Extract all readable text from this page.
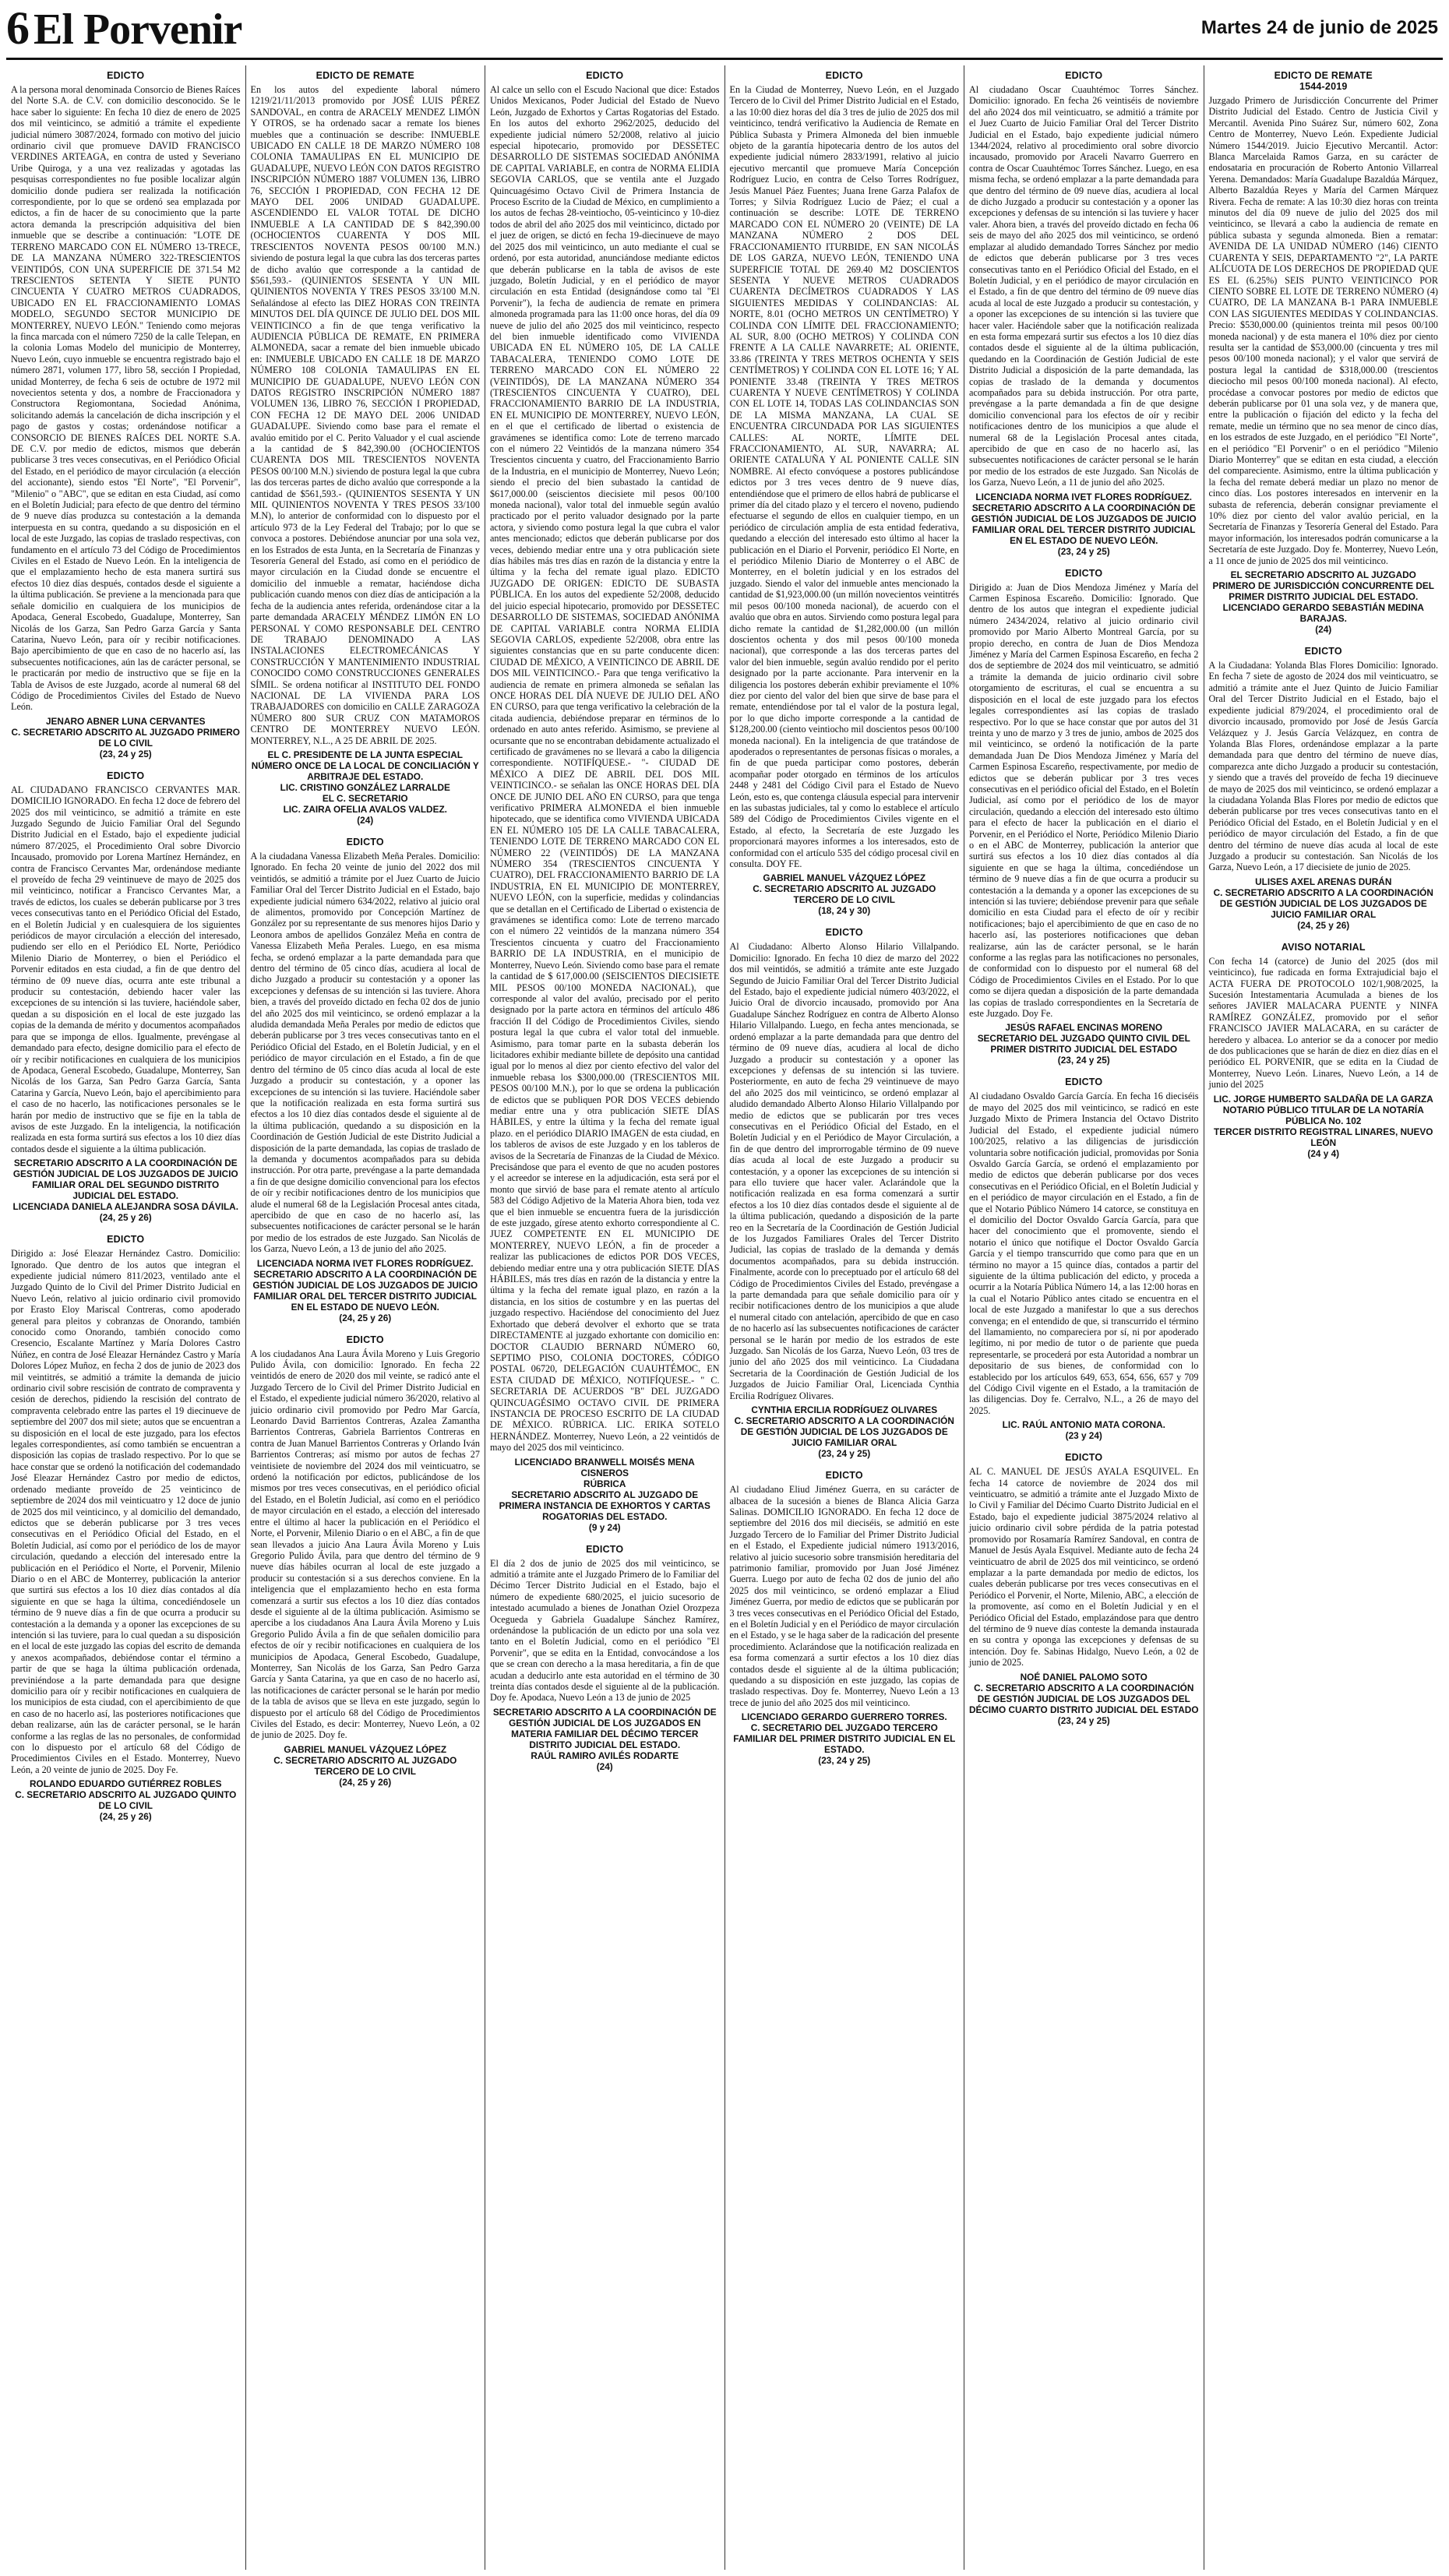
6 El Porvenir	Martes 24 de junio de 2025
EDICTO

A la persona moral denominada Consorcio de Bienes Raíces del Norte S.A. de C.V. con domicilio desconocido. Se le hace saber lo siguiente: En fecha 10 diez de enero de 2025 dos mil veinticinco, se admitió a trámite el expediente judicial número 3087/2024, formado con motivo del juicio ordinario civil que promueve DAVID FRANCISCO VERDINES ARTEAGA, en contra de usted y Severiano Uribe Quiroga, y a una vez realizadas y agotadas las pesquisas correspondientes no fue posible localizar algún domicilio donde pudiera ser realizada la notificación correspondiente, por lo que se ordenó sea emplazada por edictos, a fin de hacer de su conocimiento que la parte actora demanda la prescripción adquisitiva del bien inmueble que se describe a continuación: "LOTE DE TERRENO MARCADO CON EL NÚMERO 13-TRECE, DE LA MANZANA NÚMERO 322-TRESCIENTOS VEINTIDÓS, CON UNA SUPERFICIE DE 371.54 M2 TRESCIENTOS SETENTA Y SIETE PUNTO CINCUENTA Y CUATRO METROS CUADRADOS, UBICADO EN EL FRACCIONAMIENTO LOMAS MODELO, SEGUNDO SECTOR MUNICIPIO DE MONTERREY, NUEVO LEÓN." Teniendo como mejoras la finca marcada con el número 7250 de la calle Telepan, en la colonia Lomas Modelo del municipio de Monterrey, Nuevo León, cuyo inmueble se encuentra registrado bajo el número 2871, volumen 177, libro 58, sección I Propiedad, unidad Monterrey, de fecha 6 seis de octubre de 1972 mil novecientos setenta y dos, a nombre de Fraccionadora y Constructora Regiomontana, Sociedad Anónima, solicitando además la cancelación de dicha inscripción y el pago de gastos y costas; ordenándose notificar a CONSORCIO DE BIENES RAÍCES DEL NORTE S.A. DE C.V. por medio de edictos, mismos que deberán publicarse 3 tres veces consecutivas, en el Periódico Oficial del Estado, en el periódico de mayor circulación (a elección del accionante), siendo estos "El Norte", "El Porvenir", "Milenio" o "ABC", que se editan en esta Ciudad, así como en el Boletín Judicial; para efecto de que dentro del término de 9 nueve días produzca su contestación a la demanda interpuesta en su contra, quedando a su disposición en el local de este Juzgado, las copias de traslado respectivas, con fundamento en el artículo 73 del Código de Procedimientos Civiles en el Estado de Nuevo León. En la inteligencia de que el emplazamiento hecho de esta manera surtirá sus efectos 10 diez días después, contados desde el siguiente a la última publicación. Se previene a la mencionada para que señale domicilio en cualquiera de los municipios de Apodaca, General Escobedo, Guadalupe, Monterrey, San Nicolás de los Garza, San Pedro Garza García y Santa Catarina, Nuevo León, para oír y recibir notificaciones. Bajo apercibimiento de que en caso de no hacerlo así, las subsecuentes notificaciones, aún las de carácter personal, se le practicarán por medio de instructivo que se fije en la Tabla de Avisos de este Juzgado, acorde al numeral 68 del Código de Procedimientos Civiles del Estado de Nuevo León.

JENARO ABNER LUNA CERVANTES
C. SECRETARIO ADSCRITO AL JUZGADO PRIMERO DE LO CIVIL
(23, 24 y 25)
EDICTO

AL CIUDADANO FRANCISCO CERVANTES MAR. DOMICILIO IGNORADO. En fecha 12 doce de febrero del 2025 dos mil veinticinco, se admitió a trámite en este Juzgado Segundo de Juicio Familiar Oral del Segundo Distrito Judicial en el Estado, bajo el expediente judicial número 87/2025, el Procedimiento Oral sobre Divorcio Incausado, promovido por Lorena Martínez Hernández, en contra de Francisco Cervantes Mar, ordenándose mediante el proveído de fecha 29 veintinueve de mayo de 2025 dos mil veinticinco, notificar a Francisco Cervantes Mar, a través de edictos, los cuales se deberán publicarse por 3 tres veces consecutivas tanto en el Periódico Oficial del Estado, en el Boletín Judicial y en cualesquiera de los siguientes periódicos de mayor circulación a elección del interesado, pudiendo ser ello en el Periódico EL Norte, Periódico Milenio Diario de Monterrey, o bien el Periódico el Porvenir editados en esta ciudad, a fin de que dentro del término de 09 nueve días, ocurra ante este tribunal a producir su contestación, debiendo hacer valer las excepciones de su intención si las tuviere, haciéndole saber, quedan a su disposición en el local de este juzgado las copias de la demanda de mérito y documentos acompañados para que se imponga de ellos. Igualmente, prevéngase al demandado para efecto, designe domicilio para el efecto de oír y recibir notificaciones en cualquiera de los municipios de Apodaca, General Escobedo, Guadalupe, Monterrey, San Nicolás de los Garza, San Pedro Garza García, Santa Catarina y García, Nuevo León, bajo el apercibimiento para el caso de no hacerlo, las notificaciones personales se le harán por medio de instructivo que se fije en la tabla de avisos de este Juzgado. En la inteligencia, la notificación realizada en esta forma surtirá sus efectos a los 10 diez días contados desde el siguiente a la última publicación.

SECRETARIO ADSCRITO A LA COORDINACIÓN DE GESTIÓN JUDICIAL DE LOS JUZGADOS DE JUICIO FAMILIAR ORAL DEL SEGUNDO DISTRITO JUDICIAL DEL ESTADO.
LICENCIADA DANIELA ALEJANDRA SOSA DÁVILA.
(24, 25 y 26)
EDICTO

Dirigido a: José Eleazar Hernández Castro. Domicilio: Ignorado. Que dentro de los autos que integran el expediente judicial número 811/2023, ventilado ante el Juzgado Quinto de lo Civil del Primer Distrito Judicial en Nuevo León, relativo al juicio ordinario civil promovido por Erasto Eloy Mariscal Contreras, como apoderado general para pleitos y cobranzas de Onorando, también conocido como Onorando, también conocido como Cresencio, Escalante Martínez y María Dolores Castro Núñez, en contra de José Eleazar Hernández Castro y María Dolores López Muñoz, en fecha 2 dos de junio de 2023 dos mil veintitrés, se admitió a trámite la demanda de juicio ordinario civil sobre rescisión de contrato de compraventa y cesión de derechos, pidiendo la rescisión del contrato de compraventa celebrado entre las partes el 19 diecinueve de septiembre del 2007 dos mil siete; autos que se encuentran a su disposición en el local de este juzgado, para los efectos legales correspondientes, así como también se encuentran a disposición las copias de traslado respectivo. Por lo que se hace constar que se ordenó la notificación del codemandado José Eleazar Hernández Castro por medio de edictos, ordenado mediante proveído de 25 veinticinco de septiembre de 2024 dos mil veinticuatro y 12 doce de junio de 2025 dos mil veinticinco, y al domicilio del demandado, edictos que se deberán publicarse por 3 tres veces consecutivas en el Periódico Oficial del Estado, en el Boletín Judicial, así como por el periódico de los de mayor circulación, quedando a elección del interesado entre la publicación en el Periódico el Norte, el Porvenir, Milenio Diario o en el ABC de Monterrey, publicación la anterior que surtirá sus efectos a los 10 diez días contados al día siguiente en que se haga la última, concediéndosele un término de 9 nueve días a fin de que ocurra a producir su contestación a la demanda y a oponer las excepciones de su intención si las tuviere, para lo cual quedan a su disposición en el local de este juzgado las copias del escrito de demanda y anexos acompañados, debiéndose contar el término a partir de que se haga la última publicación ordenada, previniéndose a la parte demandada para que designe domicilio para oír y recibir notificaciones en cualquiera de los municipios de esta ciudad, con el apercibimiento de que en caso de no hacerlo así, las posteriores notificaciones que deban realizarse, aún las de carácter personal, se le harán conforme a las reglas de las no personales, de conformidad con lo dispuesto por el artículo 68 del Código de Procedimientos Civiles en el Estado. Monterrey, Nuevo León, a 20 veinte de junio de 2025. Doy Fe.

ROLANDO EDUARDO GUTIÉRREZ ROBLES
C. SECRETARIO ADSCRITO AL JUZGADO QUINTO DE LO CIVIL
(24, 25 y 26)
EDICTO DE REMATE

En los autos del expediente laboral número 1219/21/11/2013 promovido por JOSÉ LUIS PÉREZ SANDOVAL, en contra de ARACELY MENDEZ LIMÓN Y OTROS, se ha ordenado sacar a remate los bienes muebles que a continuación se describe: INMUEBLE UBICADO EN CALLE 18 DE MARZO NÚMERO 108 COLONIA TAMAULIPAS EN EL MUNICIPIO DE GUADALUPE, NUEVO LEÓN CON DATOS REGISTRO INSCRIPCIÓN NÚMERO 1887 VOLUMEN 136, LIBRO 76, SECCIÓN I PROPIEDAD, CON FECHA 12 DE MAYO DEL 2006 UNIDAD GUADALUPE. ASCENDIENDO EL VALOR TOTAL DE DICHO INMUEBLE A LA CANTIDAD DE $ 842,390.00 (OCHOCIENTOS CUARENTA Y DOS MIL TRESCIENTOS NOVENTA PESOS 00/100 M.N.) siviendo de postura legal la que cubra las dos terceras partes de dicho avalúo que corresponde a la cantidad de $561,593.- (QUINIENTOS SESENTA Y UN MIL QUINIENTOS NOVENTA Y TRES PESOS 33/100 M.N. Señalándose al efecto las DIEZ HORAS CON TREINTA MINUTOS DEL DÍA QUINCE DE JULIO DEL DOS MIL VEINTICINCO a fin de que tenga verificativo la AUDIENCIA PÚBLICA DE REMATE, EN PRIMERA ALMONEDA, sacar a remate del bien inmueble ubicado en: INMUEBLE UBICADO EN CALLE 18 DE MARZO NÚMERO 108 COLONIA TAMAULIPAS EN EL MUNICIPIO DE GUADALUPE, NUEVO LEÓN CON DATOS REGISTRO INSCRIPCIÓN NÚMERO 1887 VOLUMEN 136, LIBRO 76, SECCIÓN I PROPIEDAD, CON FECHA 12 DE MAYO DEL 2006 UNIDAD GUADALUPE. Siviendo como base para el remate el avalúo emitido por el C. Perito Valuador y el cual asciende a la cantidad de $ 842,390.00 (OCHOCIENTOS CUARENTA DOS MIL TRESCIENTOS NOVENTA PESOS 00/100 M.N.) siviendo de postura legal la que cubra las dos terceras partes de dicho avalúo que corresponde a la cantidad de $561,593.- (QUINIENTOS SESENTA Y UN MIL QUINIENTOS NOVENTA Y TRES PESOS 33/100 M.N), lo anterior de conformidad con lo dispuesto por el artículo 973 de la Ley Federal del Trabajo; por lo que se convoca a postores. Debiéndose anunciar por una sola vez, en los Estrados de esta Junta, en la Secretaría de Finanzas y Tesorería General del Estado, así como en el periódico de mayor circulación en la Ciudad donde se encuentre el domicilio del inmueble a rematar, haciéndose dicha publicación cuando menos con diez días de anticipación a la fecha de la audiencia antes referida, ordenándose citar a la parte demandada ARACELY MÉNDEZ LIMÓN EN LO PERSONAL Y COMO RESPONSABLE DEL CENTRO DE TRABAJO DENOMINADO A LAS INSTALACIONES ELECTROMECÁNICAS Y CONSTRUCCIÓN Y MANTENIMIENTO INDUSTRIAL CONOCIDO COMO CONSTRUCCIONES GENERALES SÍMIL. Se ordena notificar al INSTITUTO DEL FONDO NACIONAL DE LA VIVIENDA PARA LOS TRABAJADORES con domicilio en CALLE ZARAGOZA NÚMERO 800 SUR CRUZ CON MATAMOROS CENTRO DE MONTERREY NUEVO LEÓN. MONTERREY, N.L., A 25 DE ABRIL DE 2025.

EL C. PRESIDENTE DE LA JUNTA ESPECIAL NÚMERO ONCE DE LA LOCAL DE CONCILIACIÓN Y ARBITRAJE DEL ESTADO.
LIC. CRISTINO GONZÁLEZ LARRALDE
EL C. SECRETARIO
LIC. ZAIRA OFELIA AVALOS VALDEZ.
(24)
EDICTO

A la ciudadana Vanessa Elizabeth Meña Perales. Domicilio: Ignorado. En fecha 20 veinte de junio del 2022 dos mil veintidós, se admitió a trámite por el Juez Cuarto de Juicio Familiar Oral del Tercer Distrito Judicial en el Estado, bajo expediente judicial número 634/2022, relativo al juicio oral de alimentos, promovido por Concepción Martínez de González por su representante de sus menores hijos Dario y Leonora ambos de apellidos González Meña en contra de Vanessa Elizabeth Meña Perales. Luego, en esa misma fecha, se ordenó emplazar a la parte demandada para que dentro del término de 05 cinco días, acudiera al local de dicho Juzgado a producir su contestación y a oponer las excepciones y defensas de su intención si las tuviere. Ahora bien, a través del proveído dictado en fecha 02 dos de junio del año 2025 dos mil veinticinco, se ordenó emplazar a la aludida demandada Meña Perales por medio de edictos que deberán publicarse por 3 tres veces consecutivas tanto en el Periódico Oficial del Estado, en el Boletín Judicial, y en el periódico de mayor circulación en el Estado, a fin de que dentro del término de 05 cinco días acuda al local de este Juzgado a producir su contestación, y a oponer las excepciones de su intención si las tuviere. Haciéndole saber que la notificación realizada en esta forma surtirá sus efectos a los 10 diez días contados desde el siguiente al de la última publicación, quedando a su disposición en la Coordinación de Gestión Judicial de este Distrito Judicial a disposición de la parte demandada, las copias de traslado de la demanda y documentos acompañados para su debida instrucción. Por otra parte, prevéngase a la parte demandada a fin de que designe domicilio convencional para los efectos de oír y recibir notificaciones dentro de los municipios que alude el numeral 68 de la Legislación Procesal antes citada, apercibido de que en caso de no hacerlo así, las subsecuentes notificaciones de carácter personal se le harán por medio de los estrados de este Juzgado. San Nicolás de los Garza, Nuevo León, a 13 de junio del año 2025.

LICENCIADA NORMA IVET FLORES RODRÍGUEZ.
SECRETARIO ADSCRITO A LA COORDINACIÓN DE GESTIÓN JUDICIAL DE LOS JUZGADOS DE JUICIO FAMILIAR ORAL DEL TERCER DISTRITO JUDICIAL EN EL ESTADO DE NUEVO LEÓN.
(24, 25 y 26)
EDICTO

A los ciudadanos Ana Laura Ávila Moreno y Luis Gregorio Pulido Ávila, con domicilio: Ignorado. En fecha 22 veintidós de enero de 2020 dos mil veinte, se radicó ante el Juzgado Tercero de lo Civil del Primer Distrito Judicial en el Estado, el expediente judicial número 36/2020, relativo al juicio ordinario civil promovido por Pedro Mar García, Leonardo David Barrientos Contreras, Azalea Zamantha Barrientos Contreras, Gabriela Barrientos Contreras en contra de Juan Manuel Barrientos Contreras y Orlando Iván Barrientos Contreras; así mismo por autos de fechas 27 veintisiete de noviembre del 2024 dos mil veinticuatro, se ordenó la notificación por edictos, publicándose de los mismos por tres veces consecutivas, en el periódico oficial del Estado, en el Boletín Judicial, así como en el periódico de mayor circulación en el estado, a elección del interesado entre el último al hacer la publicación en el Periódico el Norte, el Porvenir, Milenio Diario o en el ABC, a fin de que sean llevados a juicio Ana Laura Ávila Moreno y Luis Gregorio Pulido Ávila, para que dentro del término de 9 nueve días hábiles ocurran al local de este juzgado a producir su contestación si a sus derechos conviene. En la inteligencia que el emplazamiento hecho en esta forma comenzará a surtir sus efectos a los 10 diez días contados desde el siguiente al de la última publicación. Asimismo se apercibe a los ciudadanos Ana Laura Ávila Moreno y Luis Gregorio Pulido Ávila a fin de que señalen domicilio para efectos de oír y recibir notificaciones en cualquiera de los municipios de Apodaca, General Escobedo, Guadalupe, Monterrey, San Nicolás de los Garza, San Pedro Garza García y Santa Catarina, ya que en caso de no hacerlo así, las notificaciones de carácter personal se le harán por medio de la tabla de avisos que se lleva en este juzgado, según lo dispuesto por el artículo 68 del Código de Procedimientos Civiles del Estado, es decir: Monterrey, Nuevo León, a 02 de junio de 2025. Doy fe.

GABRIEL MANUEL VÁZQUEZ LÓPEZ
C. SECRETARIO ADSCRITO AL JUZGADO TERCERO DE LO CIVIL
(24, 25 y 26)
EDICTO

Al calce un sello con el Escudo Nacional que dice: Estados Unidos Mexicanos, Poder Judicial del Estado de Nuevo León, Juzgado de Exhortos y Cartas Rogatorias del Estado. En los autos del exhorto 2962/2025, deducido del expediente judicial número 52/2008, relativo al juicio especial hipotecario, promovido por DESSETEC DESARROLLO DE SISTEMAS SOCIEDAD ANÓNIMA DE CAPITAL VARIABLE, en contra de NORMA ELIDIA SEGOVIA CARLOS, que se ventila ante el Juzgado Quincuagésimo Octavo Civil de Primera Instancia de Proceso Escrito de la Ciudad de México, en cumplimiento a los autos de fechas 28-veintiocho, 05-veinticinco y 10-diez todos de abril del año 2025 dos mil veinticinco, dictado por el juez de origen, se dictó en fecha 19-diecinueve de mayo del 2025 dos mil veinticinco, un auto mediante el cual se ordenó, por esta autoridad, anunciándose mediante edictos que deberán publicarse en la tabla de avisos de este juzgado, Boletín Judicial, y en el periódico de mayor circulación en esta Entidad (designándose como tal "El Porvenir"), la fecha de audiencia de remate en primera almoneda programada para las 11:00 once horas, del día 09 nueve de julio del año 2025 dos mil veinticinco, respecto del bien inmueble identificado como VIVIENDA UBICADA EN EL NÚMERO 105, DE LA CALLE TABACALERA, TENIENDO COMO LOTE DE TERRENO MARCADO CON EL NÚMERO 22 (VEINTIDÓS), DE LA MANZANA NÚMERO 354 (TRESCIENTOS CINCUENTA Y CUATRO), DEL FRACCIONAMIENTO BARRIO DE LA INDUSTRIA, EN EL MUNICIPIO DE MONTERREY, NUEVO LEÓN, en el que el certificado de libertad o existencia de gravámenes se identifica como: Lote de terreno marcado con el número 22 Veintidós de la manzana número 354 Trescientos cincuenta y cuatro, del Fraccionamiento Barrio de la Industria, en el municipio de Monterrey, Nuevo León; siendo el precio del bien subastado la cantidad de $617,000.00 (seiscientos diecisiete mil pesos 00/100 moneda nacional), valor total del inmueble según avalúo practicado por el perito valuador designado por la parte actora, y siviendo como postura legal la que cubra el valor antes mencionado; edictos que deberán publicarse por dos veces, debiendo mediar entre una y otra publicación siete días hábiles más tres días en razón de la distancia y entre la última y la fecha del remate igual plazo. EDICTO JUZGADO DE ORIGEN: EDICTO DE SUBASTA PÚBLICA. En los autos del expediente 52/2008, deducido del juicio especial hipotecario, promovido por DESSETEC DESARROLLO DE SISTEMAS, SOCIEDAD ANÓNIMA DE CAPITAL VARIABLE contra NORMA ELIDIA SEGOVIA CARLOS, expediente 52/2008, obra entre las siguientes constancias que en su parte conducente dicen: CIUDAD DE MÉXICO, A VEINTICINCO DE ABRIL DE DOS MIL VEINTICINCO.- Para que tenga verificativo la audiencia de remate en primera almoneda se señalan las ONCE HORAS DEL DÍA NUEVE DE JULIO DEL AÑO EN CURSO, para que tenga verificativo la celebración de la citada audiencia, debiéndose preparar en términos de lo ordenado en auto antes referido. Asimismo, se previene al ocursante que no se encontraban debidamente actualizado el certificado de gravámenes no se llevará a cabo la diligencia correspondiente. NOTIFÍQUESE.- "- CIUDAD DE MÉXICO A DIEZ DE ABRIL DEL DOS MIL VEINTICINCO.- se señalan las ONCE HORAS DEL DÍA ONCE DE JUNIO DEL AÑO EN CURSO, para que tenga verificativo PRIMERA ALMONEDA el bien inmueble hipotecado, que se identifica como VIVIENDA UBICADA EN EL NÚMERO 105 DE LA CALLE TABACALERA, TENIENDO LOTE DE TERRENO MARCADO CON EL NÚMERO 22 (VEINTIDÓS) DE LA MANZANA NÚMERO 354 (TRESCIENTOS CINCUENTA Y CUATRO), DEL FRACCIONAMIENTO BARRIO DE LA INDUSTRIA, EN EL MUNICIPIO DE MONTERREY, NUEVO LEÓN, con la superficie, medidas y colindancias que se detallan en el Certificado de Libertad o existencia de gravámenes se identifica como: Lote de terreno marcado con el número 22 veintidós de la manzana número 354 Trescientos cincuenta y cuatro del Fraccionamiento BARRIO DE LA INDUSTRIA, en el municipio de Monterrey, Nuevo León. Siviendo como base para el remate la cantidad de $ 617,000.00 (SEISCIENTOS DIECISIETE MIL PESOS 00/100 MONEDA NACIONAL), que corresponde al valor del avalúo, precisado por el perito designado por la parte actora en términos del artículo 486 fracción II del Código de Procedimientos Civiles, siendo postura legal la que cubra el valor total del inmueble. Asimismo, para tomar parte en la subasta deberán los licitadores exhibir mediante billete de depósito una cantidad igual por lo menos al diez por ciento efectivo del valor del inmueble rebasa los $300,000.00 (TRESCIENTOS MIL PESOS 00/100 M.N.), por lo que se ordena la publicación de edictos que se publiquen POR DOS VECES debiendo mediar entre una y otra publicación SIETE DÍAS HÁBILES, y entre la última y la fecha del remate igual plazo. en el periódico DIARIO IMAGEN de esta ciudad, en los tableros de avisos de este Juzgado y en los tableros de avisos de la Secretaría de Finanzas de la Ciudad de México. Precisándose que para el evento de que no acuden postores y el acreedor se interese en la adjudicación, esta será por el monto que sirvió de base para el remate atento al artículo 583 del Código Adjetivo de la Materia Ahora bien, toda vez que el bien inmueble se encuentra fuera de la jurisdicción de este juzgado, gírese atento exhorto correspondiente al C. JUEZ COMPETENTE EN EL MUNICIPIO DE MONTERREY, NUEVO LEÓN, a fin de proceder a realizar las publicaciones de edictos POR DOS VECES, debiendo mediar entre una y otra publicación SIETE DÍAS HÁBILES, más tres días en razón de la distancia y entre la última y la fecha del remate igual plazo, en razón a la distancia, en los sitios de costumbre y en las puertas del juzgado respectivo. Haciéndose del conocimiento del Juez Exhortado que deberá devolver el exhorto que se trata DIRECTAMENTE al juzgado exhortante con domicilio en: DOCTOR CLAUDIO BERNARD NÚMERO 60, SEPTIMO PISO, COLONIA DOCTORES, CÓDIGO POSTAL 06720, DELEGACIÓN CUAUHTÉMOC, EN ESTA CIUDAD DE MÉXICO, NOTIFÍQUESE.- " C. SECRETARIA DE ACUERDOS "B" DEL JUZGADO QUINCUAGÉSIMO OCTAVO CIVIL DE PRIMERA INSTANCIA DE PROCESO ESCRITO DE LA CIUDAD DE MÉXICO. RÚBRICA. LIC. ERIKA SOTELO HERNÁNDEZ. Monterrey, Nuevo León, a 22 veintidós de mayo del 2025 dos mil veinticinco.

LICENCIADO BRANWELL MOISÉS MENA CISNEROS
RÚBRICA
SECRETARIO ADSCRITO AL JUZGADO DE PRIMERA INSTANCIA DE EXHORTOS Y CARTAS ROGATORIAS DEL ESTADO.
(9 y 24)
EDICTO

El día 2 dos de junio de 2025 dos mil veinticinco, se admitió a trámite ante el Juzgado Primero de lo Familiar del Décimo Tercer Distrito Judicial en el Estado, bajo el número de expediente 680/2025, el juicio sucesorio de intestado acumulado a bienes de Jonathan Oziel Orozpeza Ocegueda y Gabriela Guadalupe Sánchez Ramírez, ordenándose la publicación de un edicto por una sola vez tanto en el Boletín Judicial, como en el periódico "El Porvenir", que se edita en la Entidad, convocándose a los que se crean con derecho a la masa hereditaria, a fin de que acudan a deducirlo ante esta autoridad en el término de 30 treinta días contados desde el siguiente al de la publicación. Doy fe. Apodaca, Nuevo León a 13 de junio de 2025

SECRETARIO ADSCRITO A LA COORDINACIÓN DE GESTIÓN JUDICIAL DE LOS JUZGADOS EN MATERIA FAMILIAR DEL DÉCIMO TERCER DISTRITO JUDICIAL DEL ESTADO.
RAÚL RAMIRO AVILÉS RODARTE
(24)
EDICTO

En la Ciudad de Monterrey, Nuevo León, en el Juzgado Tercero de lo Civil del Primer Distrito Judicial en el Estado, a las 10:00 diez horas del día 3 tres de julio de 2025 dos mil veinticinco, tendrá verificativo la Audiencia de Remate en Pública Subasta y Primera Almoneda del bien inmueble objeto de la garantía hipotecaria dentro de los autos del expediente judicial número 2833/1991, relativo al juicio ejecutivo mercantil que promueve María Concepción Rodríguez Lucio, en contra de Celso Torres Rodríguez, Jesús Manuel Páez Fuentes; Juana Irene Garza Palafox de Torres; y Silvia Rodríguez Lucio de Páez; el cual a continuación se describe: LOTE DE TERRENO MARCADO CON EL NÚMERO 20 (VEINTE) DE LA MANZANA NÚMERO 2 DOS DEL FRACCIONAMIENTO ITURBIDE, EN SAN NICOLÁS DE LOS GARZA, NUEVO LEÓN, TENIENDO UNA SUPERFICIE TOTAL DE 269.40 M2 DOSCIENTOS SESENTA Y NUEVE METROS CUADRADOS CUARENTA DECÍMETROS CUADRADOS Y LAS SIGUIENTES MEDIDAS Y COLINDANCIAS: AL NORTE, 8.01 (OCHO METROS UN CENTÍMETRO) Y COLINDA CON LÍMITE DEL FRACCIONAMIENTO; AL SUR, 8.00 (OCHO METROS) Y COLINDA CON FRENTE A LA CALLE NAVARRETE; AL ORIENTE, 33.86 (TREINTA Y TRES METROS OCHENTA Y SEIS CENTÍMETROS) Y COLINDA CON EL LOTE 16; Y AL PONIENTE 33.48 (TREINTA Y TRES METROS CUARENTA Y NUEVE CENTÍMETROS) Y COLINDA CON EL LOTE 14, TODAS LAS COLINDANCIAS SON DE LA MISMA MANZANA, LA CUAL SE ENCUENTRA CIRCUNDADA POR LAS SIGUIENTES CALLES: AL NORTE, LÍMITE DEL FRACCIONAMIENTO, AL SUR, NAVARRA; AL ORIENTE CATALUÑA Y AL PONIENTE CALLE SIN NOMBRE. Al efecto convóquese a postores publicándose edictos por 3 tres veces dentro de 9 nueve días, entendiéndose que el primero de ellos habrá de publicarse el primer día del citado plazo y el tercero el noveno, pudiendo efectuarse el segundo de ellos en cualquier tiempo, en un periódico de circulación amplia de esta entidad federativa, quedando a elección del interesado esto último al hacer la publicación en el Diario el Porvenir, periódico El Norte, en el periódico Milenio Diario de Monterrey o el ABC de Monterrey, en el boletín judicial y en los estrados del juzgado. Siendo el valor del inmueble antes mencionado la cantidad de $1,923,000.00 (un millón novecientos veintitrés mil pesos 00/100 moneda nacional), de acuerdo con el avalúo que obra en autos. Sirviendo como postura legal para dicho remate la cantidad de $1,282,000.00 (un millón doscientos ochenta y dos mil pesos 00/100 moneda nacional), que corresponde a las dos terceras partes del valor del bien inmueble, según avalúo rendido por el perito designado por la parte accionante. Para intervenir en la diligencia los postores deberán exhibir previamente el 10% diez por ciento del valor del bien que sirve de base para el remate, entendiéndose por tal el valor de la postura legal, por lo que dicho importe corresponde a la cantidad de $128,200.00 (ciento veintiocho mil doscientos pesos 00/100 moneda nacional). En la inteligencia de que tratándose de apoderados o representantes de personas físicas o morales, a fin de que pueda participar como postores, deberán acompañar poder otorgado en términos de los artículos 2448 y 2481 del Código Civil para el Estado de Nuevo León, esto es, que contenga cláusula especial para intervenir en las subastas judiciales, tal y como lo establece el artículo 589 del Código de Procedimientos Civiles vigente en el Estado, al efecto, la Secretaría de este Juzgado les proporcionará mayores informes a los interesados, esto de conformidad con el artículo 535 del código procesal civil en consulta. DOY FE.

GABRIEL MANUEL VÁZQUEZ LÓPEZ
C. SECRETARIO ADSCRITO AL JUZGADO TERCERO DE LO CIVIL
(18, 24 y 30)
EDICTO

Al Ciudadano: Alberto Alonso Hilario Villalpando. Domicilio: Ignorado. En fecha 10 diez de marzo del 2022 dos mil veintidós, se admitió a trámite ante este Juzgado Segundo de Juicio Familiar Oral del Tercer Distrito Judicial del Estado, bajo el expediente judicial número 403/2022, el Juicio Oral de divorcio incausado, promovido por Ana Guadalupe Sánchez Rodríguez en contra de Alberto Alonso Hilario Villalpando. Luego, en fecha antes mencionada, se ordenó emplazar a la parte demandada para que dentro del término de 09 nueve días, acudiera al local de dicho Juzgado a producir su contestación y a oponer las excepciones y defensas de su intención si las tuviere. Posteriormente, en auto de fecha 29 veintinueve de mayo del año 2025 dos mil veinticinco, se ordenó emplazar al aludido demandado Alberto Alonso Hilario Villalpando por medio de edictos que se publicarán por tres veces consecutivas en el Periódico Oficial del Estado, en el Boletín Judicial y en el Periódico de Mayor Circulación, a fin de que dentro del improrrogable término de 09 nueve días acuda al local de este Juzgado a producir su contestación, y a oponer las excepciones de su intención si para ello tuviere que hacer valer. Aclarándole que la notificación realizada en esa forma comenzará a surtir efectos a los 10 diez días contados desde el siguiente al de la última publicación, quedando a disposición de la parte reo en la Secretaría de la Coordinación de Gestión Judicial de los Juzgados Familiares Orales del Tercer Distrito Judicial, las copias de traslado de la demanda y demás documentos acompañados, para su debida instrucción. Finalmente, acorde con lo preceptuado por el artículo 68 del Código de Procedimientos Civiles del Estado, prevéngase a la parte demandada para que señale domicilio para oír y recibir notificaciones dentro de los municipios a que alude el numeral citado con antelación, apercibido de que en caso de no hacerlo así las subsecuentes notificaciones de carácter personal se le harán por medio de los estrados de este Juzgado. San Nicolás de los Garza, Nuevo León, 03 tres de junio del año 2025 dos mil veinticinco. La Ciudadana Secretaria de la Coordinación de Gestión Judicial de los Juzgados de Juicio Familiar Oral, Licenciada Cynthia Ercilia Rodríguez Olivares.

CYNTHIA ERCILIA RODRÍGUEZ OLIVARES
C. SECRETARIO ADSCRITO A LA COORDINACIÓN DE GESTIÓN JUDICIAL DE LOS JUZGADOS DE JUICIO FAMILIAR ORAL
(23, 24 y 25)
EDICTO

Al ciudadano Eliud Jiménez Guerra, en su carácter de albacea de la sucesión a bienes de Blanca Alicia Garza Salinas. DOMICILIO IGNORADO. En fecha 12 doce de septiembre del 2016 dos mil dieciséis, se admitió en este Juzgado Tercero de lo Familiar del Primer Distrito Judicial en el Estado, el Expediente judicial número 1913/2016, relativo al juicio sucesorio sobre transmisión hereditaria del patrimonio familiar, promovido por Juan José Jiménez Guerra. Luego por auto de fecha 02 dos de junio del año 2025 dos mil veinticinco, se ordenó emplazar a Eliud Jiménez Guerra, por medio de edictos que se publicarán por 3 tres veces consecutivas en el Periódico Oficial del Estado, en el Boletín Judicial y en el Periódico de mayor circulación en el Estado, y se le haga saber de la radicación del presente procedimiento. Aclarándose que la notificación realizada en esa forma comenzará a surtir efectos a los 10 diez días contados desde el siguiente al de la última publicación; quedando a su disposición en este juzgado, las copias de traslado respectivas. Doy fe. Monterrey, Nuevo León a 13 trece de junio del año 2025 dos mil veinticinco.

LICENCIADO GERARDO GUERRERO TORRES.
C. SECRETARIO DEL JUZGADO TERCERO FAMILIAR DEL PRIMER DISTRITO JUDICIAL EN EL ESTADO.
(23, 24 y 25)
EDICTO

Al ciudadano Oscar Cuauhtémoc Torres Sánchez. Domicilio: ignorado. En fecha 26 veintiséis de noviembre del año 2024 dos mil veinticuatro, se admitió a trámite por el Juez Cuarto de Juicio Familiar Oral del Tercer Distrito Judicial en el Estado, bajo expediente judicial número 1344/2024, relativo al procedimiento oral sobre divorcio incausado, promovido por Araceli Navarro Guerrero en contra de Oscar Cuauhtémoc Torres Sánchez. Luego, en esa misma fecha, se ordenó emplazar a la parte demandada para que dentro del término de 09 nueve días, acudiera al local de dicho Juzgado a producir su contestación y a oponer las excepciones y defensas de su intención si las tuviere y hacer valer. Ahora bien, a través del proveído dictado en fecha 06 seis de mayo del año 2025 dos mil veinticinco, se ordenó emplazar al aludido demandado Torres Sánchez por medio de edictos que deberán publicarse por 3 tres veces consecutivas tanto en el Periódico Oficial del Estado, en el Boletín Judicial, y en el periódico de mayor circulación en el Estado, a fin de que dentro del término de 09 nueve días acuda al local de este Juzgado a producir su contestación, y a oponer las excepciones de su intención si las tuviere que hacer valer. Haciéndole saber que la notificación realizada en esta forma empezará surtir sus efectos a los 10 diez días contados desde el siguiente al de la última publicación, quedando en la Coordinación de Gestión Judicial de este Distrito Judicial a disposición de la parte demandada, las copias de traslado de la demanda y documentos acompañados para su debida instrucción. Por otra parte, prevéngase a la parte demandada a fin de que designe domicilio convencional para los efectos de oír y recibir notificaciones dentro de los municipios a que alude el numeral 68 de la Legislación Procesal antes citada, apercibido de que en caso de no hacerlo así, las subsecuentes notificaciones de carácter personal se le harán por medio de los estrados de este Juzgado. San Nicolás de los Garza, Nuevo León, a 11 de junio del año 2025.

LICENCIADA NORMA IVET FLORES RODRÍGUEZ.
SECRETARIO ADSCRITO A LA COORDINACIÓN DE GESTIÓN JUDICIAL DE LOS JUZGADOS DE JUICIO FAMILIAR ORAL DEL TERCER DISTRITO JUDICIAL EN EL ESTADO DE NUEVO LEÓN.
(23, 24 y 25)
EDICTO

Dirigido a: Juan de Dios Mendoza Jiménez y María del Carmen Espinosa Escareño. Domicilio: Ignorado. Que dentro de los autos que integran el expediente judicial número 2434/2024, relativo al juicio ordinario civil promovido por Mario Alberto Montreal García, por su propio derecho, en contra de Juan de Dios Mendoza Jiménez y María del Carmen Espinosa Escareño, en fecha 2 dos de septiembre de 2024 dos mil veinticuatro, se admitió a trámite la demanda de juicio ordinario civil sobre otorgamiento de escrituras, el cual se encuentra a su disposición en el local de este juzgado para los efectos legales correspondientes así las copias de traslado respectivo. Por lo que se hace constar que por autos del 31 treinta y uno de marzo y 3 tres de junio, ambos de 2025 dos mil veinticinco, se ordenó la notificación de la parte demandada Juan De Dios Mendoza Jiménez y María del Carmen Espinosa Escareño, respectivamente, por medio de edictos que se deberán publicar por 3 tres veces consecutivas en el periódico oficial del Estado, en el Boletín Judicial, así como por el periódico de los de mayor circulación, quedando a elección del interesado esto último para el efecto de hacer la publicación en el diario el Porvenir, en el Periódico el Norte, Periódico Milenio Diario o en el ABC de Monterrey, publicación la anterior que surtirá sus efectos a los 10 diez días contados al día siguiente en que se haga la última, concediéndose un término de 9 nueve días a fin de que ocurra a producir su contestación a la demanda y a oponer las excepciones de su intención si las tuviere; debiéndose prevenir para que señale domicilio en esta Ciudad para el efecto de oír y recibir notificaciones; bajo el apercibimiento de que en caso de no hacerlo así, las posteriores notificaciones que deban realizarse, aún las de carácter personal, se le harán conforme a las reglas para las notificaciones no personales, de conformidad con lo dispuesto por el numeral 68 del Código de Procedimientos Civiles en el Estado. Por lo que como se dijera quedan a disposición de la parte demandada las copias de traslado correspondientes en la Secretaría de este Juzgado. Doy Fe.

JESÚS RAFAEL ENCINAS MORENO
SECRETARIO DEL JUZGADO QUINTO CIVIL DEL PRIMER DISTRITO JUDICIAL DEL ESTADO
(23, 24 y 25)
EDICTO

Al ciudadano Osvaldo García García. En fecha 16 dieciséis de mayo del 2025 dos mil veinticinco, se radicó en este Juzgado Mixto de Primera Instancia del Octavo Distrito Judicial del Estado, el expediente judicial número 100/2025, relativo a las diligencias de jurisdicción voluntaria sobre notificación judicial, promovidas por Sonia Osvaldo García García, se ordenó el emplazamiento por medio de edictos que deberán publicarse por dos veces consecutivas en el Periódico Oficial, en el Boletín Judicial y en el periódico de mayor circulación en el Estado, a fin de que el Notario Público Número 14 catorce, se constituya en el domicilio del Doctor Osvaldo García García, para que hacer del conocimiento que el promovente, siendo el notario el único que notifique el Doctor Osvaldo García García y el tiempo transcurrido que como para que en un término no mayor a 15 quince días, contados a partir del siguiente de la última publicación del edicto, y proceda a ocurrir a la Notaría Pública Número 14, a las 12:00 horas en la cual el Notario Público antes citado se encuentra en el local de este Juzgado a manifestar lo que a sus derechos convenga; en el entendido de que, si transcurrido el término del llamamiento, no compareciera por sí, ni por apoderado legítimo, ni por medio de tutor o de pariente que pueda representarle, se procederá por esta Autoridad a nombrar un depositario de sus bienes, de conformidad con lo establecido por los artículos 649, 653, 654, 656, 657 y 709 del Código Civil vigente en el Estado, a la tramitación de las diligencias. Doy fe. Cerralvo, N.L., a 26 de mayo del 2025.

LIC. RAÚL ANTONIO MATA CORONA.
(23 y 24)
EDICTO

AL C. MANUEL DE JESÚS AYALA ESQUIVEL. En fecha 14 catorce de noviembre de 2024 dos mil veinticuatro, se admitió a trámite ante el Juzgado Mixto de lo Civil y Familiar del Décimo Cuarto Distrito Judicial en el Estado, bajo el expediente judicial 3875/2024 relativo al juicio ordinario civil sobre pérdida de la patria potestad promovido por Rosamaría Ramírez Sandoval, en contra de Manuel de Jesús Ayala Esquivel. Mediante auto de fecha 24 veinticuatro de abril de 2025 dos mil veinticinco, se ordenó emplazar a la parte demandada por medio de edictos, los cuales deberán publicarse por tres veces consecutivas en el Periódico el Porvenir, el Norte, Milenio, ABC, a elección de la promovente, así como en el Boletín Judicial y en el Periódico Oficial del Estado, emplazándose para que dentro del término de 9 nueve días conteste la demanda instaurada en su contra y oponga las excepciones y defensas de su intención. Doy fe. Sabinas Hidalgo, Nuevo León, a 02 de junio de 2025.

NOÉ DANIEL PALOMO SOTO
C. SECRETARIO ADSCRITO A LA COORDINACIÓN DE GESTIÓN JUDICIAL DE LOS JUZGADOS DEL DÉCIMO CUARTO DISTRITO JUDICIAL DEL ESTADO
(23, 24 y 25)
EDICTO DE REMATE
1544-2019

Juzgado Primero de Jurisdicción Concurrente del Primer Distrito Judicial del Estado. Centro de Justicia Civil y Mercantil. Avenida Pino Suárez Sur, número 602, Zona Centro de Monterrey, Nuevo León. Expediente Judicial Número 1544/2019. Juicio Ejecutivo Mercantil. Actor: Blanca Marcelaida Ramos Garza, en su carácter de endosataria en procuración de Roberto Antonio Villarreal Yerena. Demandados: María Guadalupe Bazaldúa Márquez, Alberto Bazaldúa Reyes y María del Carmen Márquez Rivera. Fecha de remate: A las 10:30 diez horas con treinta minutos del día 09 nueve de julio del 2025 dos mil veinticinco, se llevará a cabo la audiencia de remate en pública subasta y segunda almoneda. Bien a rematar: AVENIDA DE LA UNIDAD NÚMERO (146) CIENTO CUARENTA Y SEIS, DEPARTAMENTO "2", LA PARTE ALÍCUOTA DE LOS DERECHOS DE PROPIEDAD QUE ES EL (6.25%) SEIS PUNTO VEINTICINCO POR CIENTO SOBRE EL LOTE DE TERRENO NÚMERO (4) CUATRO, DE LA MANZANA B-1 PARA INMUEBLE CON LAS SIGUIENTES MEDIDAS Y COLINDANCIAS. Precio: $530,000.00 (quinientos treinta mil pesos 00/100 moneda nacional) y de esta manera el 10% diez por ciento resulta ser la cantidad de $53,000.00 (cincuenta y tres mil pesos 00/100 moneda nacional); y el valor que servirá de postura legal la cantidad de $318,000.00 (trescientos dieciocho mil pesos 00/100 moneda nacional). Al efecto, procédase a convocar postores por medio de edictos que deberán publicarse por 01 una sola vez, y de manera que, entre la publicación o fijación del edicto y la fecha del remate, medie un término que no sea menor de cinco días, en los estrados de este Juzgado, en el periódico "El Norte", en el periódico "El Porvenir" o en el periódico "Milenio Diario Monterrey" que se editan en esta ciudad, a elección del compareciente. Asimismo, entre la última publicación y la fecha del remate deberá mediar un plazo no menor de cinco días. Los postores interesados en intervenir en la subasta de referencia, deberán consignar previamente el 10% diez por ciento del valor avalúo pericial, en la Secretaría de Finanzas y Tesorería General del Estado. Para mayor información, los interesados podrán comunicarse a la Secretaría de este Juzgado. Doy fe. Monterrey, Nuevo León, a 11 once de junio de 2025 dos mil veinticinco.

EL SECRETARIO ADSCRITO AL JUZGADO PRIMERO DE JURISDICCIÓN CONCURRENTE DEL PRIMER DISTRITO JUDICIAL DEL ESTADO.
LICENCIADO GERARDO SEBASTIÁN MEDINA BARAJAS.
(24)
EDICTO

A la Ciudadana: Yolanda Blas Flores Domicilio: Ignorado. En fecha 7 siete de agosto de 2024 dos mil veinticuatro, se admitió a trámite ante el Juez Quinto de Juicio Familiar Oral del Tercer Distrito Judicial en el Estado, bajo el expediente judicial 879/2024, el procedimiento oral de divorcio incausado, promovido por José de Jesús García Velázquez y J. Jesús García Velázquez, en contra de Yolanda Blas Flores, ordenándose emplazar a la parte demandada para que dentro del término de nueve días, comparezca ante dicho Juzgado a producir su contestación, y siendo que a través del proveído de fecha 19 diecinueve de mayo de 2025 dos mil veinticinco, se ordenó emplazar a la ciudadana Yolanda Blas Flores por medio de edictos que deberán publicarse por tres veces consecutivas tanto en el Periódico Oficial del Estado, en el Boletín Judicial y en el periódico de mayor circulación del Estado, a fin de que dentro del término de nueve días acuda al local de este Juzgado a producir su contestación. San Nicolás de los Garza, Nuevo León, a 17 diecisiete de junio de 2025.

ULISES AXEL ARENAS DURÁN
C. SECRETARIO ADSCRITO A LA COORDINACIÓN DE GESTIÓN JUDICIAL DE LOS JUZGADOS DE JUICIO FAMILIAR ORAL
(24, 25 y 26)
AVISO NOTARIAL

Con fecha 14 (catorce) de Junio del 2025 (dos mil veinticinco), fue radicada en forma Extrajudicial bajo el ACTA FUERA DE PROTOCOLO 102/1,908/2025, la Sucesión Intestamentaria Acumulada a bienes de los señores JAVIER MALACARA PUENTE y NINFA RAMÍREZ GONZÁLEZ, promovido por el señor FRANCISCO JAVIER MALACARA, en su carácter de heredero y albacea. Lo anterior se da a conocer por medio de dos publicaciones que se harán de diez en diez días en el periódico EL PORVENIR, que se edita en la Ciudad de Monterrey, Nuevo León. Linares, Nuevo León, a 14 de junio del 2025

LIC. JORGE HUMBERTO SALDAÑA DE LA GARZA
NOTARIO PÚBLICO TITULAR DE LA NOTARÍA PÚBLICA No. 102
TERCER DISTRITO REGISTRAL LINARES, NUEVO LEÓN
(24 y 4)
